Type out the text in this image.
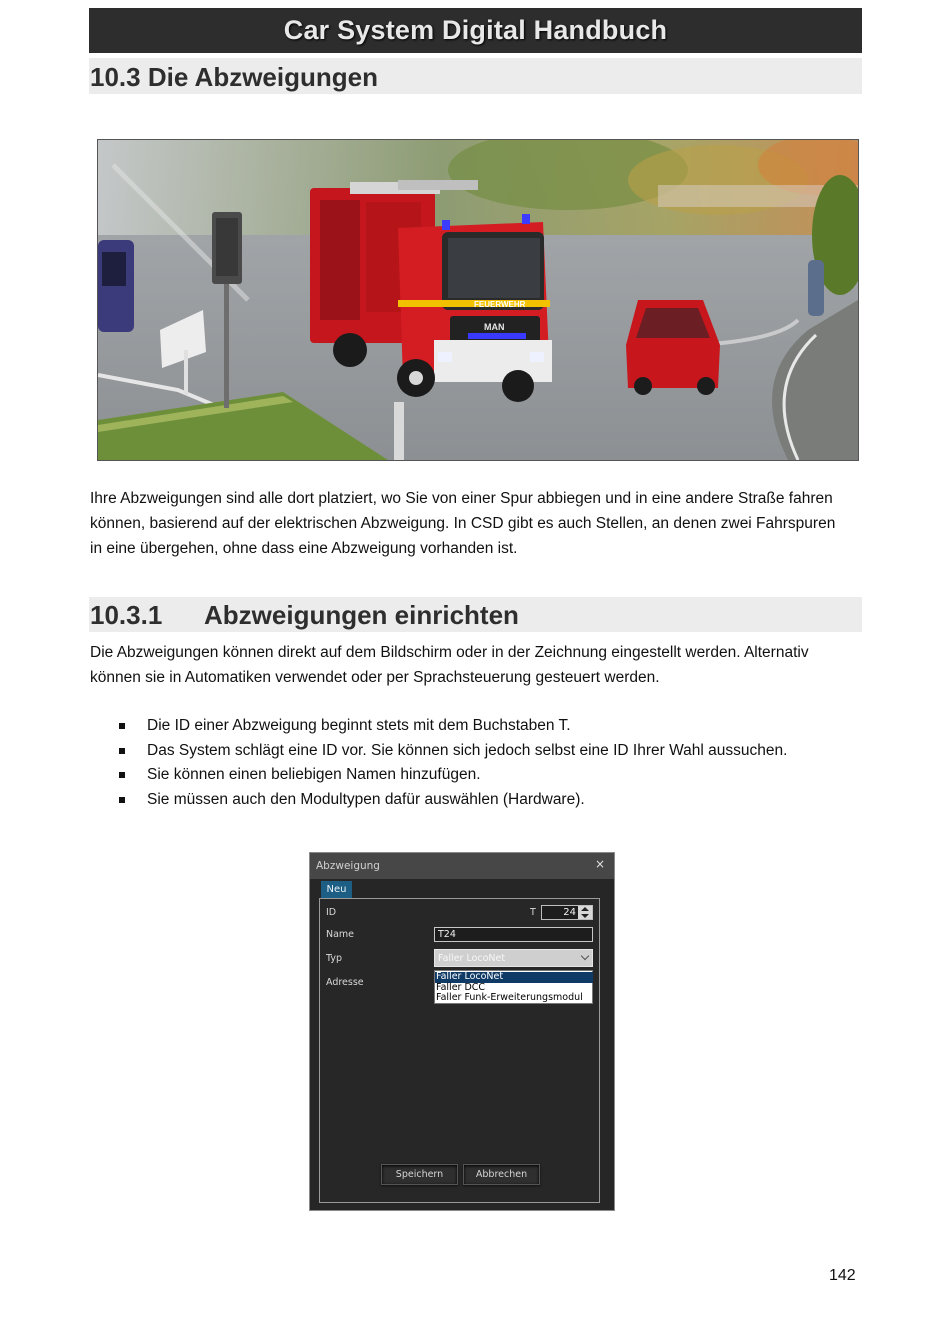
Car System Digital Handbuch
10.3 Die Abzweigungen
FEUERWEHR
MAN

Ihre Abzweigungen sind alle dort platziert, wo Sie von einer Spur abbiegen und in eine andere Straße fahren
können, basierend auf der elektrischen Abzweigung. In CSD gibt es auch Stellen, an denen zwei Fahrspuren
in eine übergehen, ohne dass eine Abzweigung vorhanden ist.

10.3.1 Abzweigungen einrichten

Die Abzweigungen können direkt auf dem Bildschirm oder in der Zeichnung eingestellt werden. Alternativ
können sie in Automatiken verwendet oder per Sprachsteuerung gesteuert werden.

Die ID einer Abzweigung beginnt stets mit dem Buchstaben T.
Das System schlägt eine ID vor. Sie können sich jedoch selbst eine ID Ihrer Wahl aussuchen.
Sie können einen beliebigen Namen hinzufügen.
Sie müssen auch den Modultypen dafür auswählen (Hardware).
Abzweigung	×
Neu
ID	T	24
Name	T24
Typ	Faller LocoNet
Adresse
Faller LocoNet
Faller DCC
Faller Funk-Erweiterungsmodul
Speichern	Abbrechen
142
